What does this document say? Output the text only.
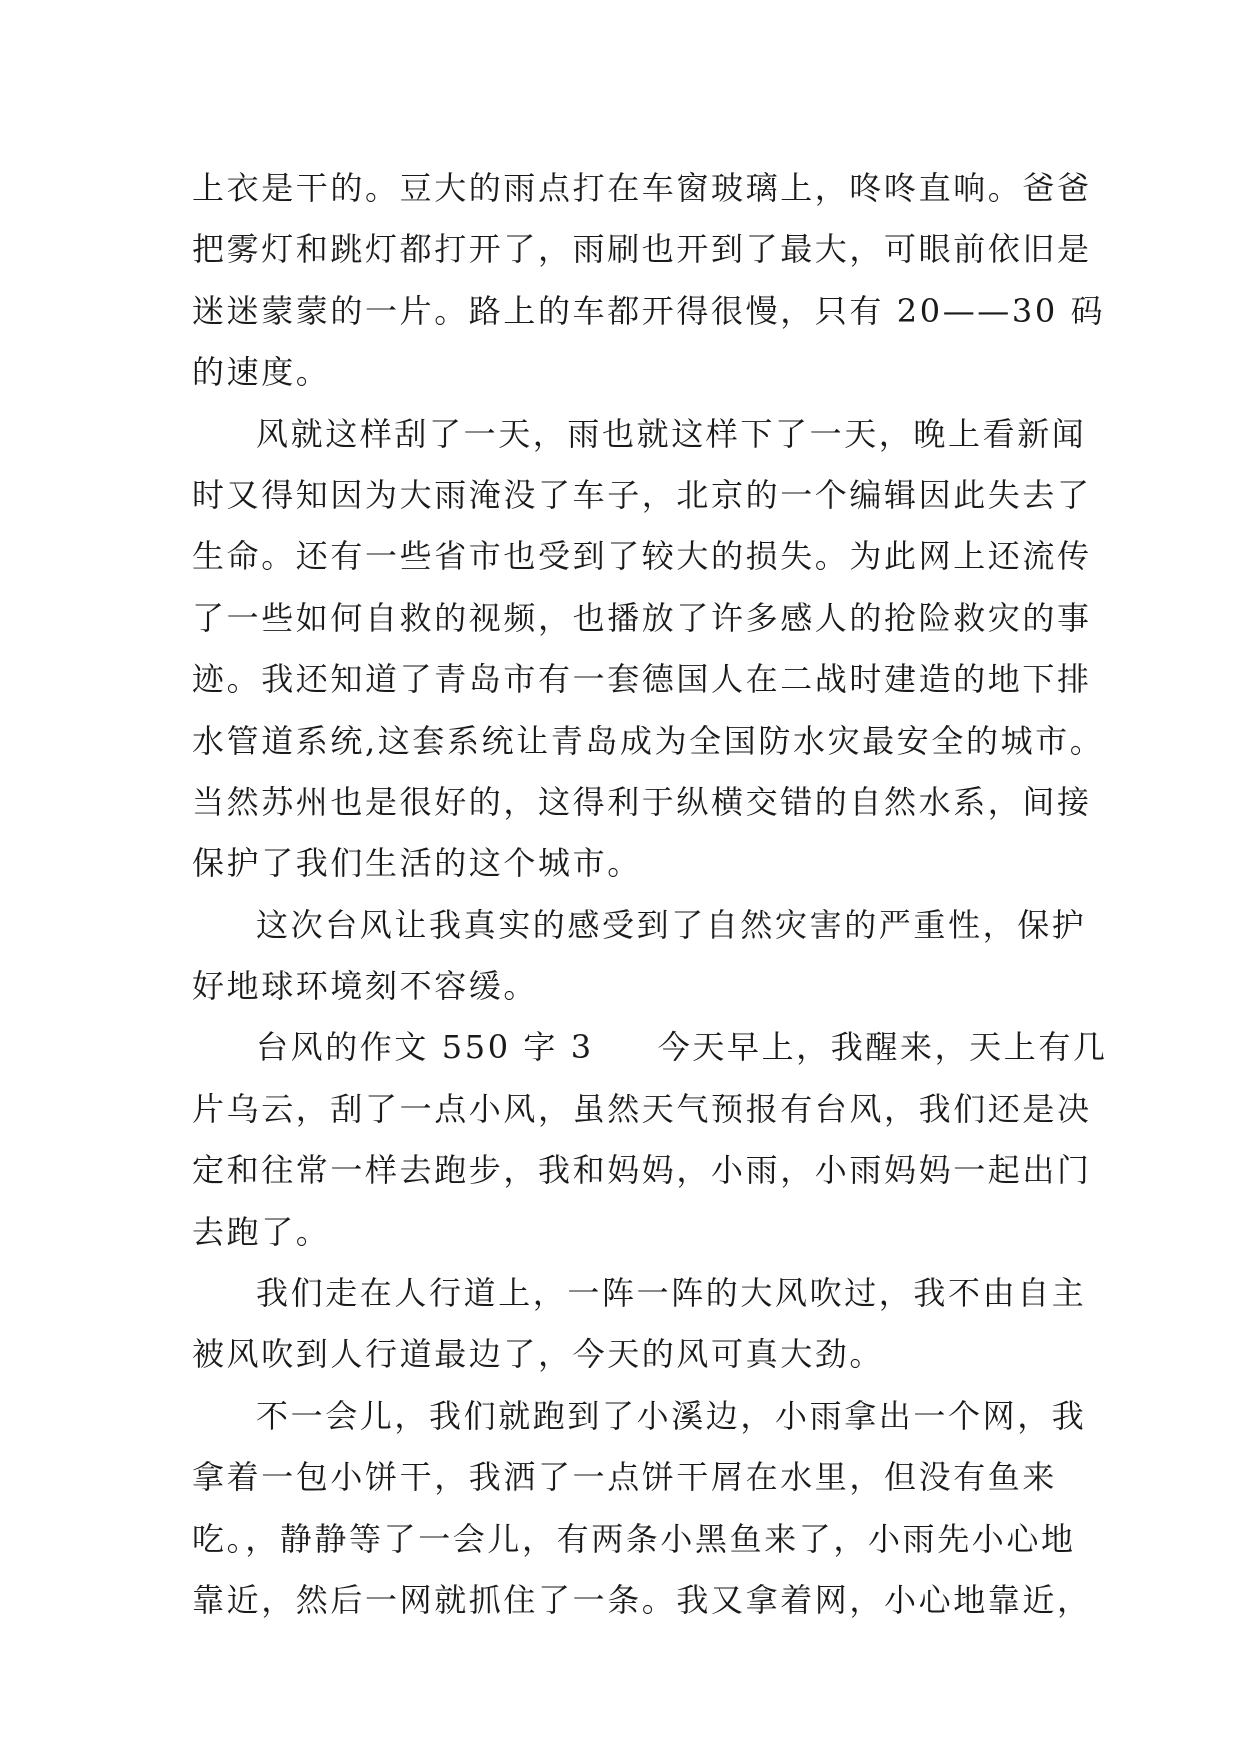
上衣是干的。豆大的雨点打在车窗玻璃上，咚咚直响。爸爸
把雾灯和跳灯都打开了，雨刷也开到了最大，可眼前依旧是
迷迷蒙蒙的一片。路上的车都开得很慢，只有 20——30 码
的速度。
风就这样刮了一天，雨也就这样下了一天，晚上看新闻
时又得知因为大雨淹没了车子，北京的一个编辑因此失去了
生命。还有一些省市也受到了较大的损失。为此网上还流传
了一些如何自救的视频，也播放了许多感人的抢险救灾的事
迹。我还知道了青岛市有一套德国人在二战时建造的地下排
水管道系统,这套系统让青岛成为全国防水灾最安全的城市。
当然苏州也是很好的，这得利于纵横交错的自然水系，间接
保护了我们生活的这个城市。
这次台风让我真实的感受到了自然灾害的严重性，保护
好地球环境刻不容缓。
台风的作文 550 字 3 今天早上，我醒来，天上有几
片乌云，刮了一点小风，虽然天气预报有台风，我们还是决
定和往常一样去跑步，我和妈妈，小雨，小雨妈妈一起出门
去跑了。
我们走在人行道上，一阵一阵的大风吹过，我不由自主
被风吹到人行道最边了，今天的风可真大劲。
不一会儿，我们就跑到了小溪边，小雨拿出一个网，我
拿着一包小饼干，我洒了一点饼干屑在水里，但没有鱼来
吃。，静静等了一会儿，有两条小黑鱼来了，小雨先小心地
靠近，然后一网就抓住了一条。我又拿着网，小心地靠近，
